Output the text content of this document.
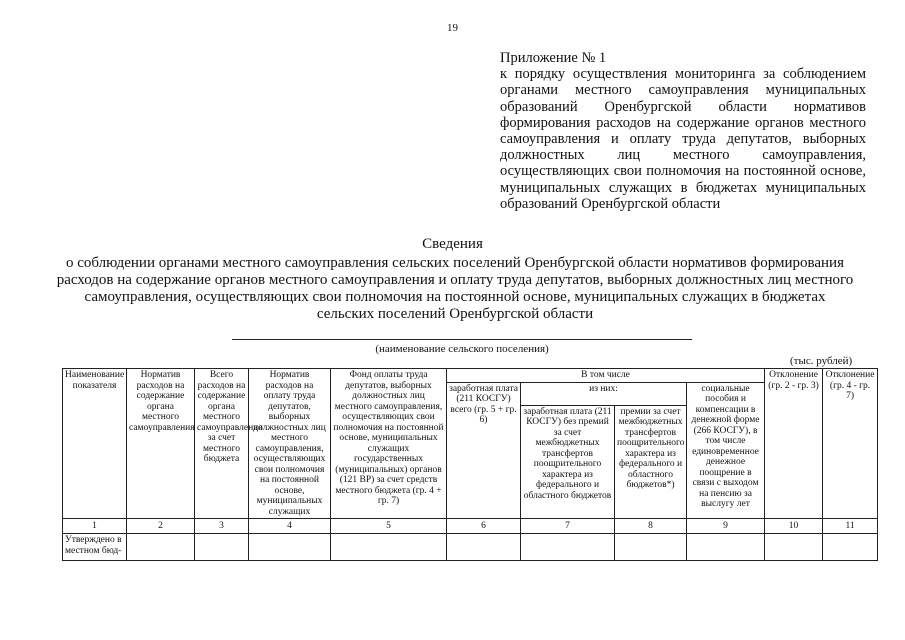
19
Приложение № 1
к порядку осуществления мониторинга за соблюдением органами местного самоуправления муниципальных образований Оренбургской области нормативов формирования расходов на содержание органов местного самоуправления и оплату труда депутатов, выборных должностных лиц местного самоуправления, осуществляющих свои полномочия на постоянной основе, муниципальных служащих в бюджетах муниципальных образований Оренбургской области
Сведения
о соблюдении органами местного самоуправления сельских поселений Оренбургской области нормативов формирования расходов на содержание органов местного самоуправления и оплату труда депутатов, выборных должностных лиц местного самоуправления, осуществляющих свои полномочия на постоянной основе, муниципальных служащих в бюджетах сельских поселений Оренбургской области
(наименование сельского поселения)
(тыс. рублей)
Наименование показателя	Норматив расходов на содержание органа местного самоуправления	Всего расходов на содержание органа местного самоуправления за счет местного бюджета	Норматив расходов на оплату труда депутатов, выборных должностных лиц местного самоуправления, осуществляющих свои полномочия на постоянной основе, муниципальных служащих	Фонд оплаты труда депутатов, выборных должностных лиц местного самоуправления, осуществляющих свои полномочия на постоянной основе, муниципальных служащих государственных (муниципальных) органов (121 ВР) за счет средств местного бюджета (гр. 4 + гр. 7)	В том числе				Отклонение (гр. 2 - гр. 3)	Отклонение (гр. 4 - гр. 7)

					заработная плата (211 КОСГУ) всего (гр. 5 + гр. 6)	из них:		социальные пособия и компенсации в денежной форме (266 КОСГУ), в том числе единовременное денежное поощрение в связи с выходом на пенсию за выслугу лет		

						заработная плата (211 КОСГУ) без премий за счет межбюджетных трансфертов поощрительного характера из федерального и областного бюджетов	премии за счет межбюджетных трансфертов поощрительного характера из федерального и областного бюджетов*)			

1	2	3	4	5	6	7	8	9	10	11
Утверждено в местном бюд-										
